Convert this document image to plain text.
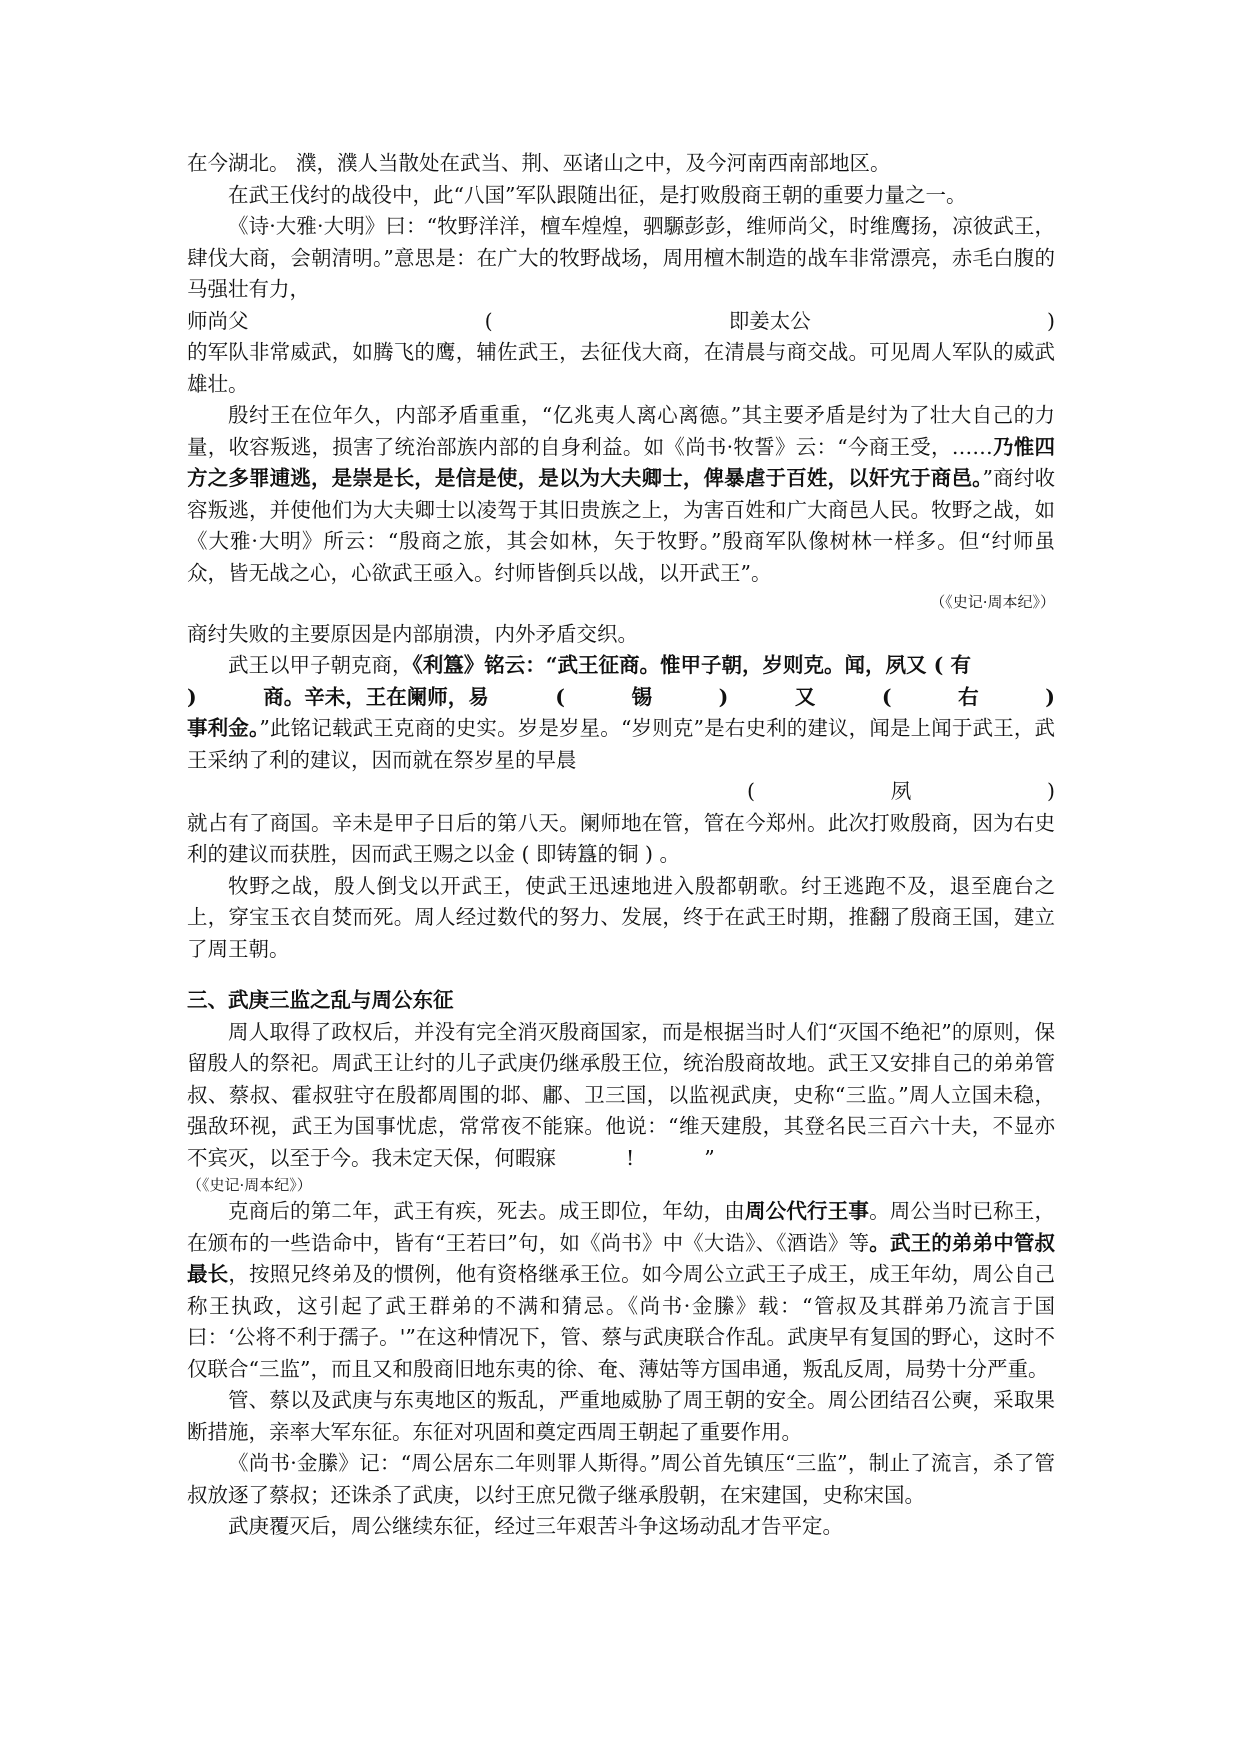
在今湖北。 濮，濮人当散处在武当、荆、巫诸山之中，及今河南西南部地区。

在武王伐纣的战役中，此“八国”军队跟随出征，是打败殷商王朝的重要力量之一。

《诗·大雅·大明》曰：“牧野洋洋，檀车煌煌，驷騵彭彭，维师尚父，时维鹰扬，凉彼武王，肆伐大商，会朝清明。”意思是：在广大的牧野战场，周用檀木制造的战车非常漂亮，赤毛白腹的马强壮有力，

师尚父	(	即姜太公	)

的军队非常威武，如腾飞的鹰，辅佐武王，去征伐大商，在清晨与商交战。可见周人军队的威武雄壮。

殷纣王在位年久，内部矛盾重重，“亿兆夷人离心离德。”其主要矛盾是纣为了壮大自己的力量，收容叛逃，损害了统治部族内部的自身利益。如《尚书·牧誓》云：“今商王受，……乃惟四方之多罪逋逃，是崇是长，是信是使，是以为大夫卿士，俾暴虐于百姓，以奸宄于商邑。”商纣收容叛逃，并使他们为大夫卿士以凌驾于其旧贵族之上，为害百姓和广大商邑人民。牧野之战，如《大雅·大明》所云：“殷商之旅，其会如林，矢于牧野。”殷商军队像树林一样多。但“纣师虽众，皆无战之心，心欲武王亟入。纣师皆倒兵以战，以开武王”。
（《史记·周本纪》）

商纣失败的主要原因是内部崩溃，内外矛盾交织。

武王以甲子朝克商，《利簋》铭云：“武王征商。惟甲子朝，岁则克。闻，夙又 ( 有

)	商。辛未，王在阑师，易	(	锡	)	又	(	右	)

事利金。”此铭记载武王克商的史实。岁是岁星。“岁则克”是右史利的建议，闻是上闻于武王，武王采纳了利的建议，因而就在祭岁星的早晨

(	夙	)

就占有了商国。辛未是甲子日后的第八天。阑师地在管，管在今郑州。此次打败殷商，因为右史利的建议而获胜，因而武王赐之以金 ( 即铸簋的铜 ) 。

牧野之战，殷人倒戈以开武王，使武王迅速地进入殷都朝歌。纣王逃跑不及，退至鹿台之上，穿宝玉衣自焚而死。周人经过数代的努力、发展，终于在武王时期，推翻了殷商王国，建立了周王朝。

三、武庚三监之乱与周公东征

周人取得了政权后，并没有完全消灭殷商国家，而是根据当时人们“灭国不绝祀”的原则，保留殷人的祭祀。周武王让纣的儿子武庚仍继承殷王位，统治殷商故地。武王又安排自己的弟弟管叔、蔡叔、霍叔驻守在殷都周围的邶、鄘、卫三国，以监视武庚，史称“三监。”周人立国未稳，强敌环视，武王为国事忧虑，常常夜不能寐。他说：“维天建殷，其登名民三百六十夫，不显亦不宾灭，以至于今。我未定天保，何暇寐	!	”

（《史记·周本纪》）

克商后的第二年，武王有疾，死去。成王即位，年幼，由周公代行王事。周公当时已称王，在颁布的一些诰命中，皆有“王若曰”句，如《尚书》中《大诰》、《酒诰》等。武王的弟弟中管叔最长，按照兄终弟及的惯例，他有资格继承王位。如今周公立武王子成王，成王年幼，周公自己称王执政，这引起了武王群弟的不满和猜忌。《尚书·金縢》载：“管叔及其群弟乃流言于国曰：‘公将不利于孺子。'”在这种情况下，管、蔡与武庚联合作乱。武庚早有复国的野心，这时不仅联合“三监”，而且又和殷商旧地东夷的徐、奄、薄姑等方国串通，叛乱反周，局势十分严重。

管、蔡以及武庚与东夷地区的叛乱，严重地威胁了周王朝的安全。周公团结召公奭，采取果断措施，亲率大军东征。东征对巩固和奠定西周王朝起了重要作用。

《尚书·金縢》记：“周公居东二年则罪人斯得。”周公首先镇压“三监”，制止了流言，杀了管叔放逐了蔡叔；还诛杀了武庚，以纣王庶兄微子继承殷朝，在宋建国，史称宋国。

武庚覆灭后，周公继续东征，经过三年艰苦斗争这场动乱才告平定。
